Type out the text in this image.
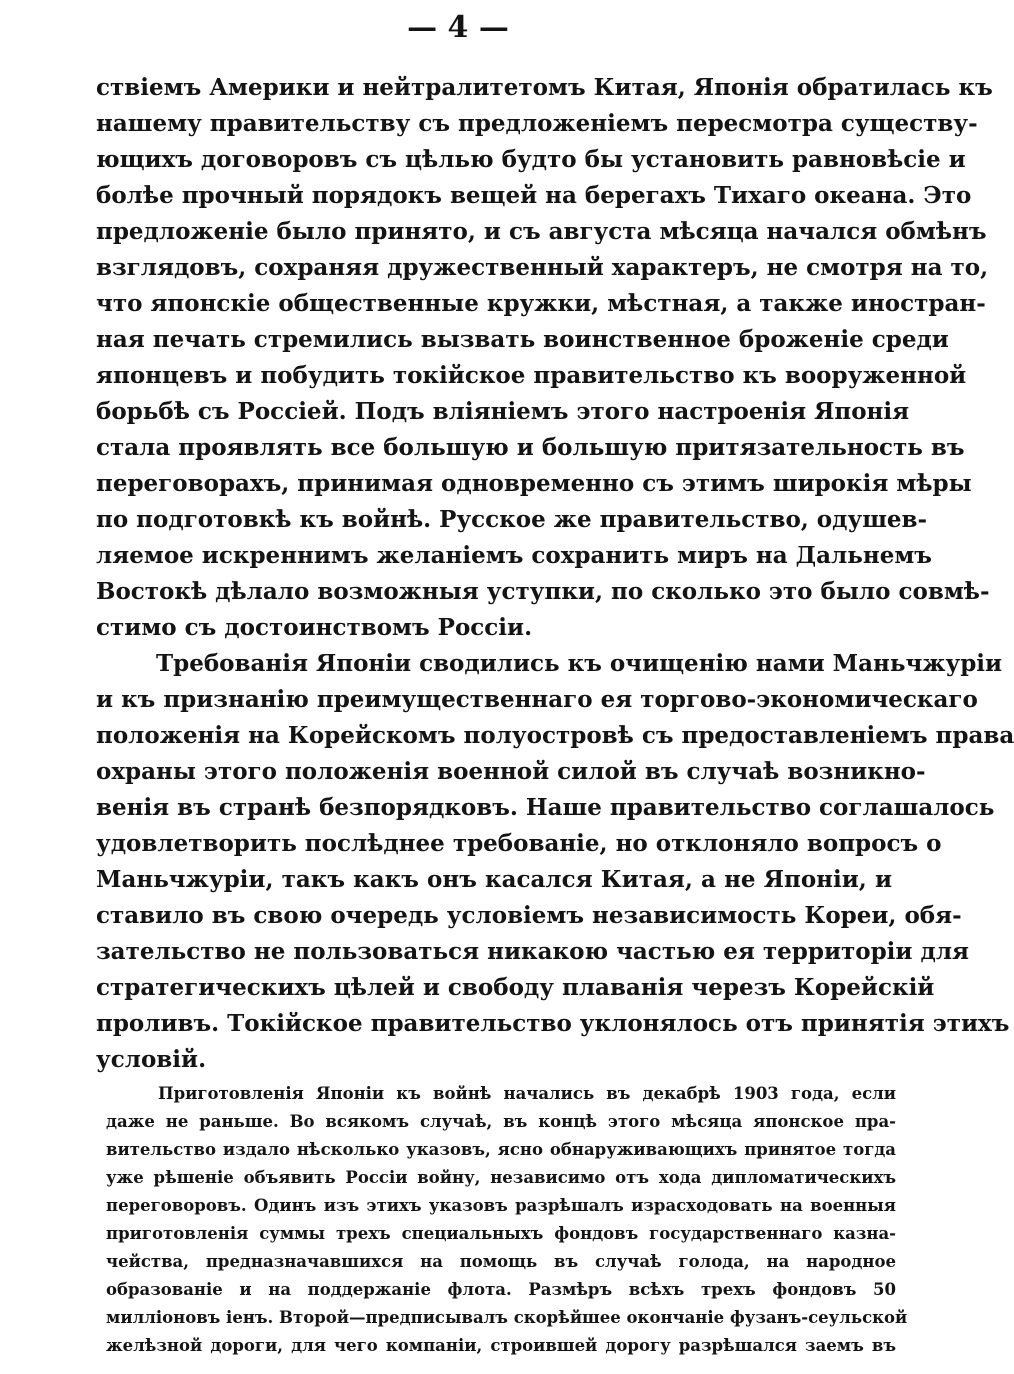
— 4 —
ствіемъ Америки и нейтралитетомъ Китая, Японія обратилась къ
нашему правительству съ предложеніемъ пересмотра существу-
ющихъ договоровъ съ цѣлью будто бы установить равновѣсіе и
болѣе прочный порядокъ вещей на берегахъ Тихаго океана. Это
предложеніе было принято, и съ августа мѣсяца начался обмѣнъ
взглядовъ, сохраняя дружественный характеръ, не смотря на то,
что японскіе общественные кружки, мѣстная, а также иностран-
ная печать стремились вызвать воинственное броженіе среди
японцевъ и побудить токійское правительство къ вооруженной
борьбѣ съ Россіей. Подъ вліяніемъ этого настроенія Японія
стала проявлять все большую и большую притязательность въ
переговорахъ, принимая одновременно съ этимъ широкія мѣры
по подготовкѣ къ войнѣ. Русское же правительство, одушев-
ляемое искреннимъ желаніемъ сохранить миръ на Дальнемъ
Востокѣ дѣлало возможныя уступки, по сколько это было совмѣ-
стимо съ достоинствомъ Россіи.
Требованія Японіи сводились къ очищенію нами Маньчжуріи
и къ признанію преимущественнаго ея торгово-экономическаго
положенія на Корейскомъ полуостровѣ съ предоставленіемъ права
охраны этого положенія военной силой въ случаѣ возникно-
венія въ странѣ безпорядковъ. Наше правительство соглашалось
удовлетворить послѣднее требованіе, но отклоняло вопросъ о
Маньчжуріи, такъ какъ онъ касался Китая, а не Японіи, и
ставило въ свою очередь условіемъ независимость Кореи, обя-
зательство не пользоваться никакою частью ея территоріи для
стратегическихъ цѣлей и свободу плаванія черезъ Корейскій
проливъ. Токійское правительство уклонялось отъ принятія этихъ
условій.
Приготовленія Японіи къ войнѣ начались въ декабрѣ 1903 года, если
даже не раньше. Во всякомъ случаѣ, въ концѣ этого мѣсяца японское пра-
вительство издало нѣсколько указовъ, ясно обнаруживающихъ принятое тогда
уже рѣшеніе объявить Россіи войну, независимо отъ хода дипломатическихъ
переговоровъ. Одинъ изъ этихъ указовъ разрѣшалъ израсходовать на военныя
приготовленія суммы трехъ специальныхъ фондовъ государственнаго казна-
чейства, предназначавшихся на помощь въ случаѣ голода, на народное
образованіе и на поддержаніе флота. Размѣръ всѣхъ трехъ фондовъ 50
милліоновъ іенъ. Второй—предписывалъ скорѣйшее окончаніе фузанъ-сеульской
желѣзной дороги, для чего компаніи, строившей дорогу разрѣшался заемъ въ
